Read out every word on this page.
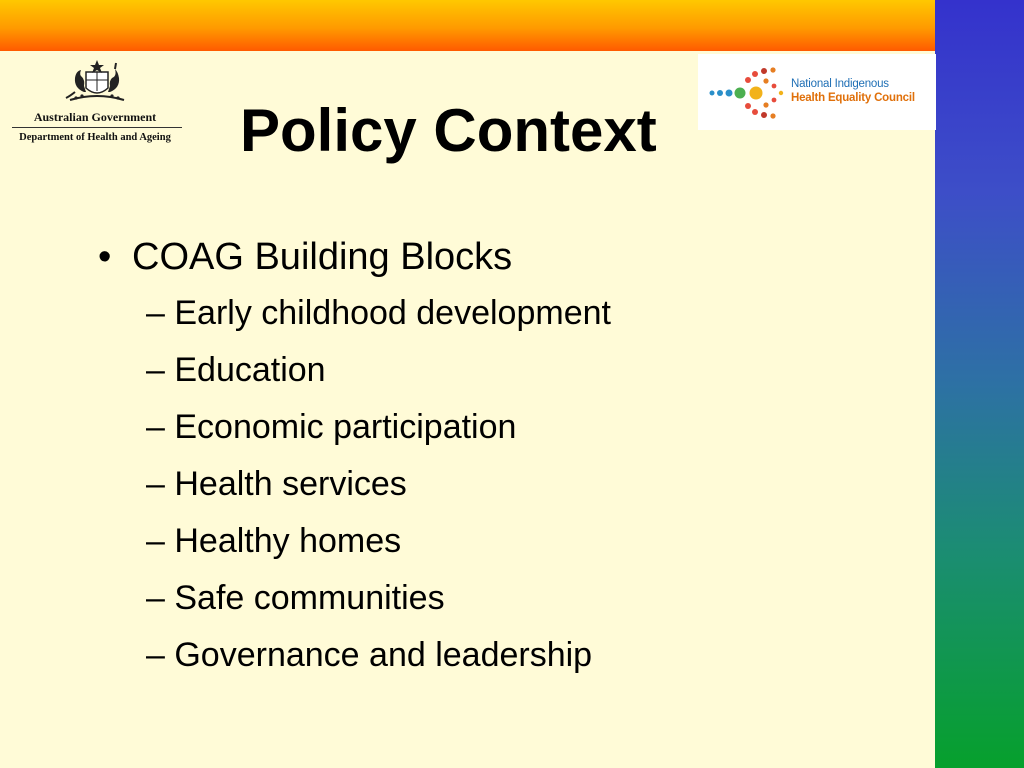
Australian Government
Department of Health and Ageing
National Indigenous
Health Equality Council
Policy Context
• COAG Building Blocks
– Early childhood development
– Education
– Economic participation
– Health services
– Healthy homes
– Safe communities
– Governance and leadership
